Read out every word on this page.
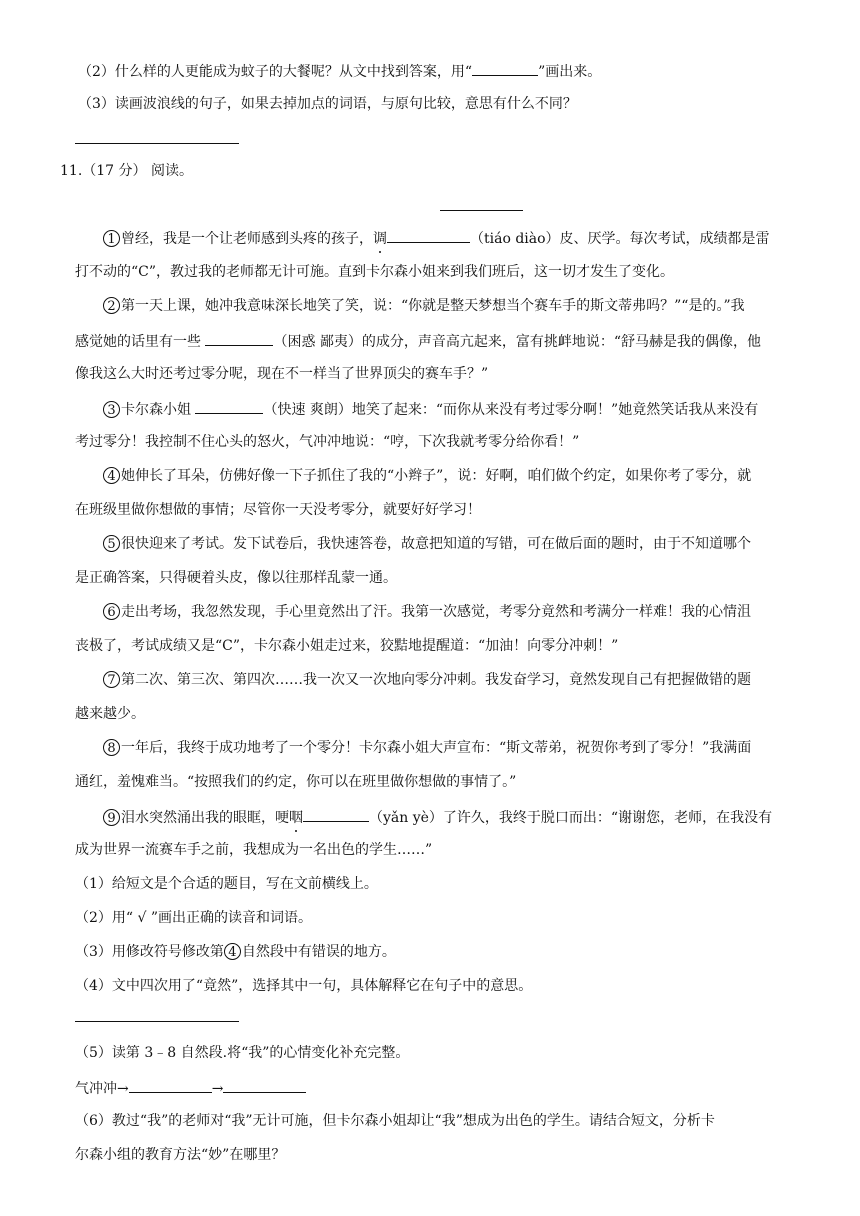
（2）什么样的人更能成为蚊子的大餐呢？从文中找到答案，用“	”画出来。
（3）读画波浪线的句子，如果去掉加点的词语，与原句比较，意思有什么不同？
11.（17 分） 阅读。
1 曾经，我是一个让老师感到头疼的孩子，调	（tiáo diào）皮、厌学。每次考试，成绩都是雷
打不动的“C”，教过我的老师都无计可施。直到卡尔森小姐来到我们班后，这一切才发生了变化。
2 第一天上课，她冲我意味深长地笑了笑，说：“你就是整天梦想当个赛车手的斯文蒂弗吗？”“是的。”我
感觉她的话里有一些	（困惑 鄙夷）的成分，声音高亢起来，富有挑衅地说：“舒马赫是我的偶像，他
像我这么大时还考过零分呢，现在不一样当了世界顶尖的赛车手？”
3 卡尔森小姐	（快速 爽朗）地笑了起来：“而你从来没有考过零分啊！”她竟然笑话我从来没有
考过零分！我控制不住心头的怒火，气冲冲地说：“哼，下次我就考零分给你看！”
4 她伸长了耳朵，仿佛好像一下子抓住了我的“小辫子”，说：好啊，咱们做个约定，如果你考了零分，就
在班级里做你想做的事情；尽管你一天没考零分，就要好好学习！
5 很快迎来了考试。发下试卷后，我快速答卷，故意把知道的写错，可在做后面的题时，由于不知道哪个
是正确答案，只得硬着头皮，像以往那样乱蒙一通。
6 走出考场，我忽然发现，手心里竟然出了汗。我第一次感觉，考零分竟然和考满分一样难！我的心情沮
丧极了，考试成绩又是“C”，卡尔森小姐走过来，狡黠地提醒道：“加油！向零分冲刺！”
7 第二次、第三次、第四次……我一次又一次地向零分冲刺。我发奋学习，竟然发现自己有把握做错的题
越来越少。
8 一年后，我终于成功地考了一个零分！卡尔森小姐大声宣布：“斯文蒂弟，祝贺你考到了零分！”我满面
通红，羞愧难当。“按照我们的约定，你可以在班里做你想做的事情了。”
9 泪水突然涌出我的眼眶，哽咽	（yǎn yè）了许久，我终于脱口而出：“谢谢您，老师，在我没有
成为世界一流赛车手之前，我想成为一名出色的学生……”
（1）给短文是个合适的题目，写在文前横线上。
（2）用“ √ ”画出正确的读音和词语。
（3）用修改符号修改第 4 自然段中有错误的地方。
（4）文中四次用了“竟然”，选择其中一句，具体解释它在句子中的意思。
（5）读第 3﹣8 自然段.将“我”的心情变化补充完整。
气冲冲→	→
（6）教过“我”的老师对“我”无计可施，但卡尔森小姐却让“我”想成为出色的学生。请结合短文，分析卡
尔森小组的教育方法“妙”在哪里？
